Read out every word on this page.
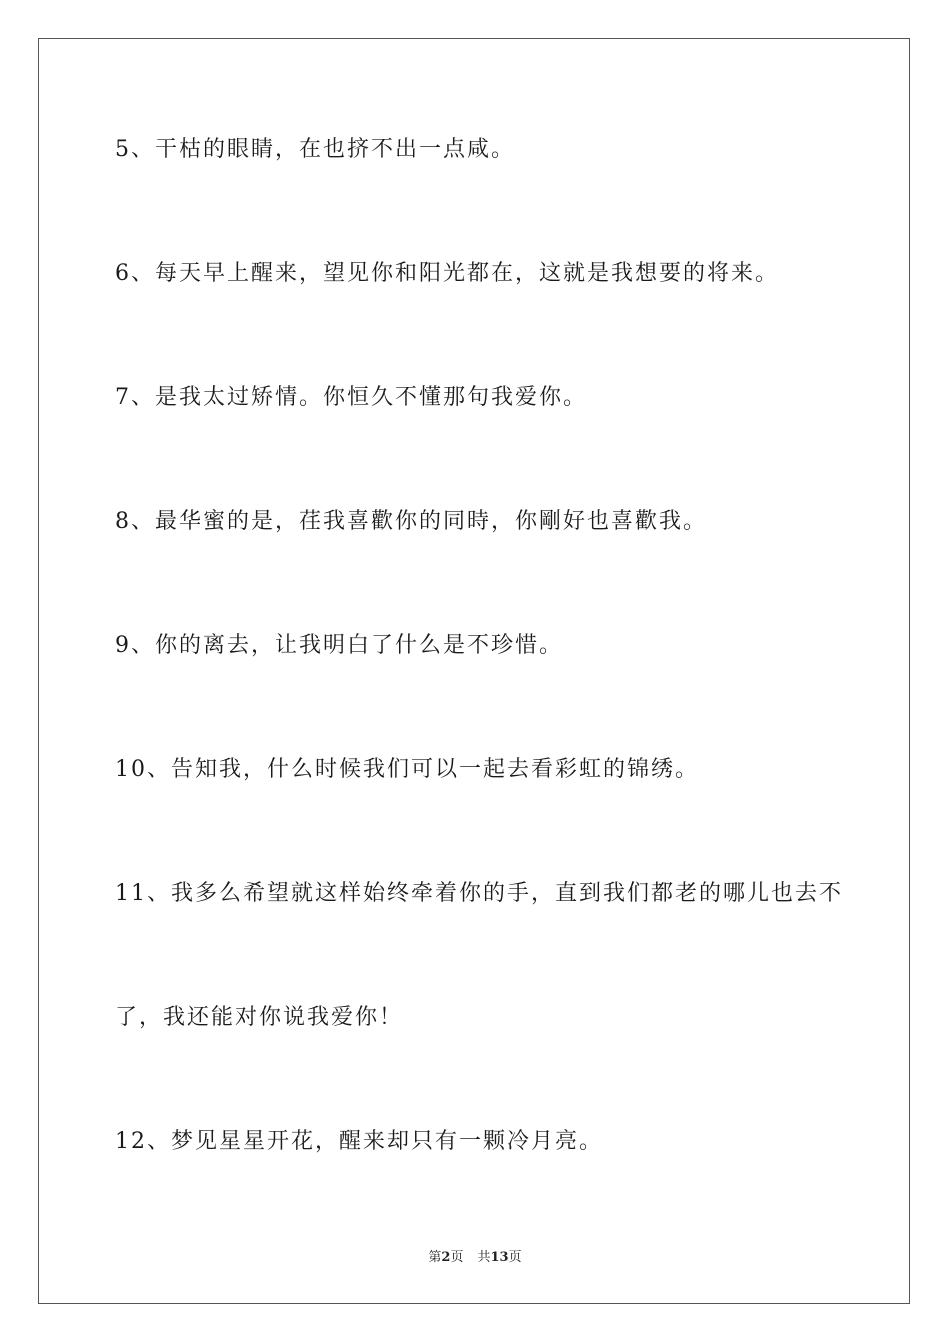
5、干枯的眼睛，在也挤不出一点咸。
6、每天早上醒来，望见你和阳光都在，这就是我想要的将来。
7、是我太过矫情。你恒久不懂那句我爱你。
8、最华蜜的是，荏我喜歡你的同時，你剛好也喜歡我。
9、你的离去，让我明白了什么是不珍惜。
10、告知我，什么时候我们可以一起去看彩虹的锦绣。
11、我多么希望就这样始终牵着你的手，直到我们都老的哪儿也去不
了，我还能对你说我爱你！
12、梦见星星开花，醒来却只有一颗冷月亮。
第2页 共13页
